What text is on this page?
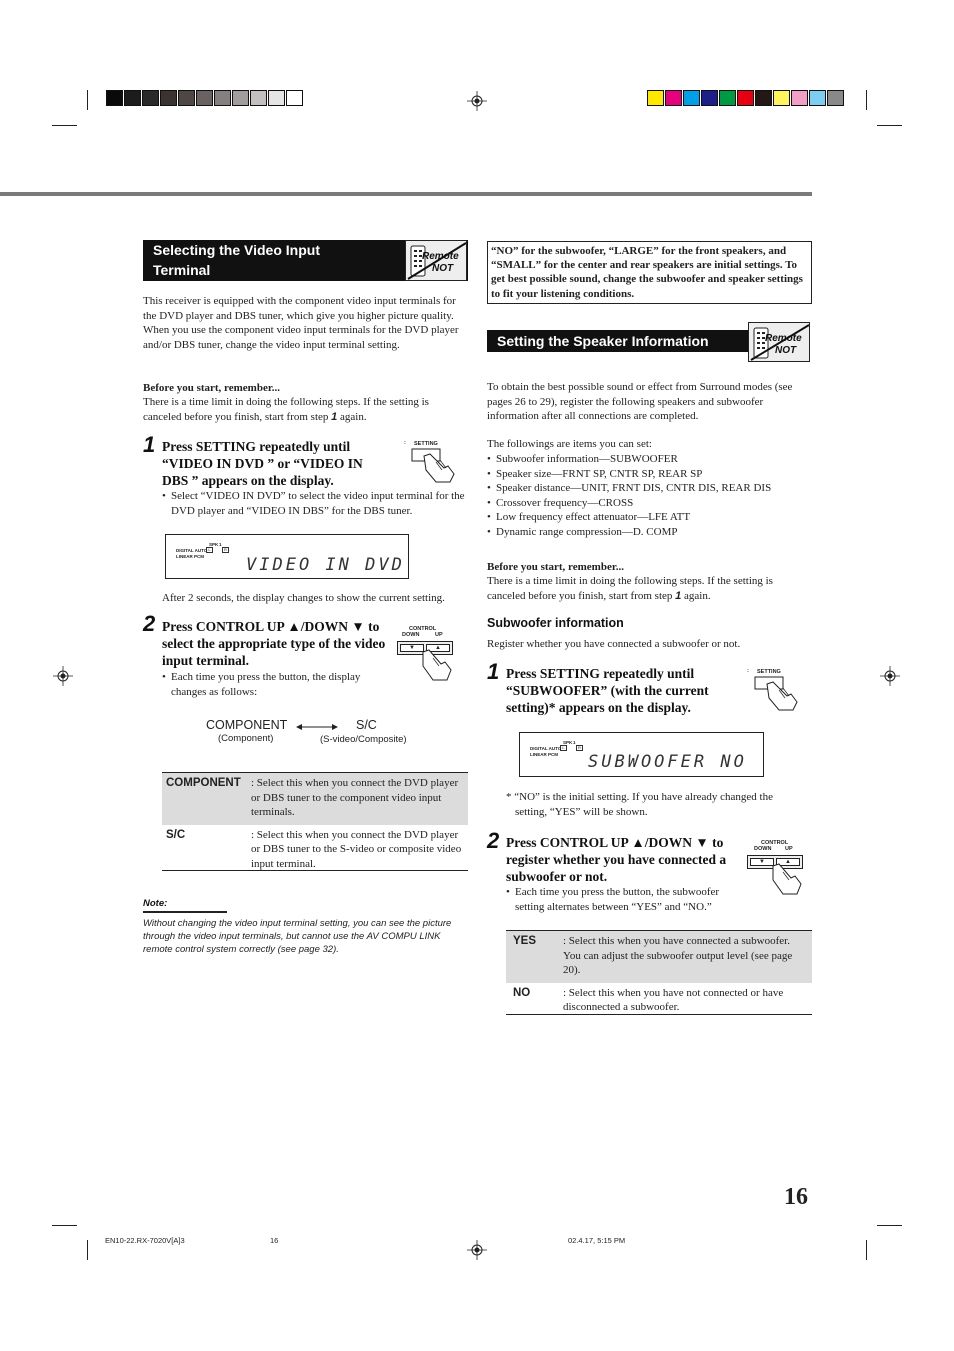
Selecting the Video Input
Terminal
Remote
NOT

This receiver is equipped with the component video input terminals for the DVD player and DBS tuner, which give you higher picture quality. When you use the component video input terminals for the DVD player and/or DBS tuner, change the video input terminal setting.

Before you start, remember...

There is a time limit in doing the following steps. If the setting is canceled before you finish, start from step 1 again.

1 Press SETTING repeatedly until “VIDEO IN DVD ” or “VIDEO IN DBS ” appears on the display.
: SETTING
• Select “VIDEO IN DVD” to select the video input terminal for the DVD player and “VIDEO IN DBS” for the DBS tuner.
SPK 1
L	R
DIGITAL AUTO
LINEAR PCM VIDEO IN DVD

After 2 seconds, the display changes to show the current setting.

2 Press CONTROL UP ▲/DOWN ▼ to select the appropriate type of the video input terminal.
CONTROL
DOWN	UP
▼	▲
• Each time you press the button, the display changes as follows:
COMPONENT	S/C
(Component)	(S-video/Composite)
COMPONENT	: Select this when you connect the DVD player or DBS tuner to the component video input terminals.
S/C	: Select this when you connect the DVD player or DBS tuner to the S-video or composite video input terminal.
Note:
Without changing the video input terminal setting, you can see the picture through the video input terminals, but cannot use the AV COMPU LINK remote control system correctly (see page 32).

“NO” for the subwoofer, “LARGE” for the front speakers, and “SMALL” for the center and rear speakers are initial settings. To get best possible sound, change the subwoofer and speaker settings to fit your listening conditions.

Setting the Speaker Information	Remote
NOT

To obtain the best possible sound or effect from Surround modes (see pages 26 to 29), register the following speakers and subwoofer information after all connections are completed.

The followings are items you can set:

• Subwoofer information—SUBWOOFER
• Speaker size—FRNT SP, CNTR SP, REAR SP
• Speaker distance—UNIT, FRNT DIS, CNTR DIS, REAR DIS
• Crossover frequency—CROSS
• Low frequency effect attenuator—LFE ATT
• Dynamic range compression—D. COMP

Before you start, remember...

There is a time limit in doing the following steps. If the setting is canceled before you finish, start from step 1 again.

Subwoofer information

Register whether you have connected a subwoofer or not.

1 Press SETTING repeatedly until “SUBWOOFER” (with the current setting)* appears on the display.
: SETTING
SPK 1
L	R
DIGITAL AUTO
LINEAR PCM SUBWOOFER NO

* “NO” is the initial setting. If you have already changed the setting, “YES” will be shown.

2 Press CONTROL UP ▲/DOWN ▼ to register whether you have connected a subwoofer or not.
CONTROL
DOWN UP
▼	▲
• Each time you press the button, the subwoofer setting alternates between “YES” and “NO.”
YES	: Select this when you have connected a subwoofer. You can adjust the subwoofer output level (see page 20).
NO	: Select this when you have not connected or have disconnected a subwoofer.
16
EN10-22.RX-7020V[A]3	16	02.4.17, 5:15 PM
